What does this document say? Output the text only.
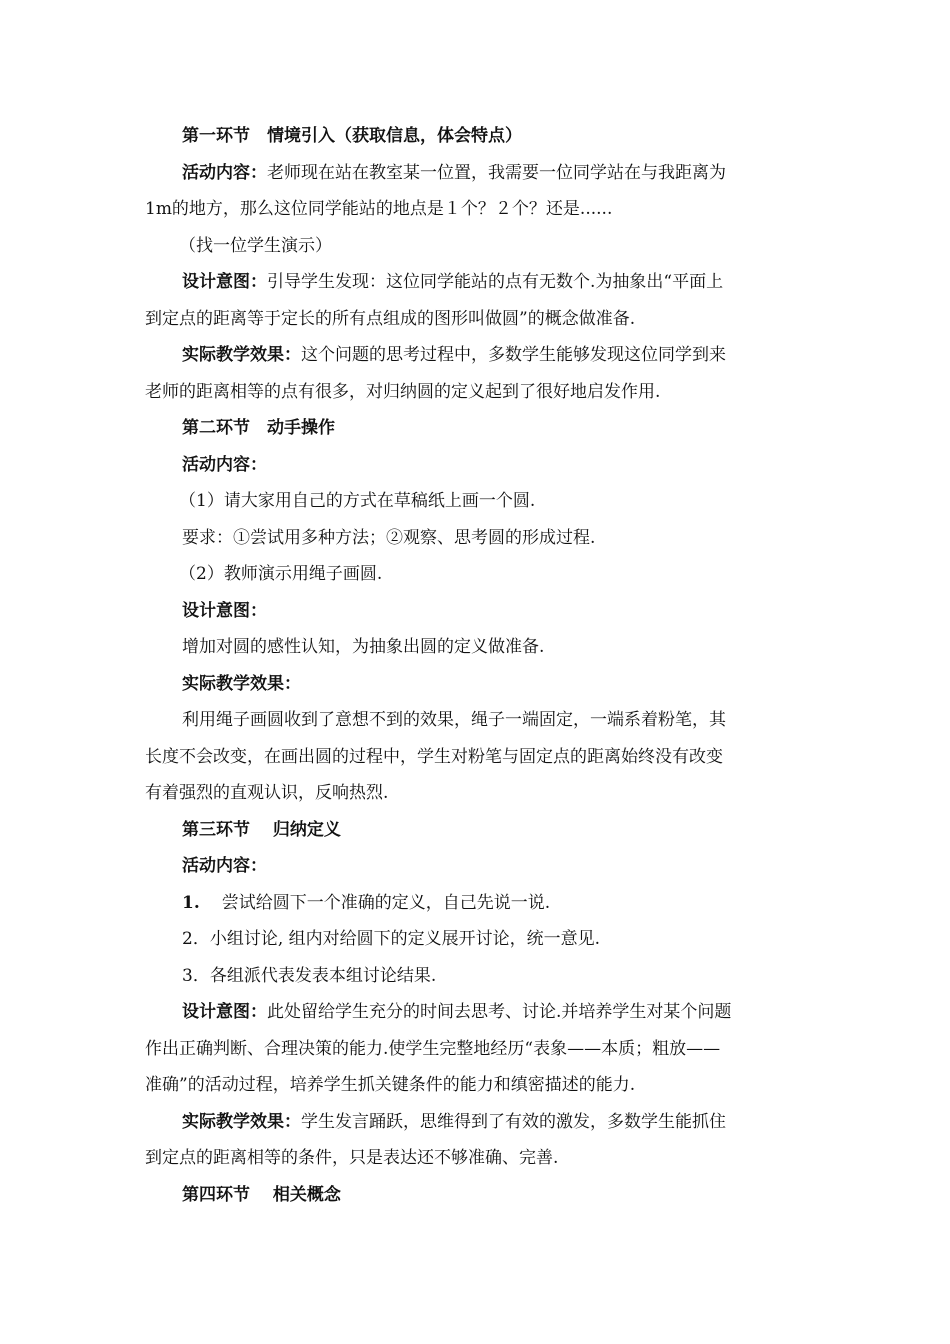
第一环节　情境引入（获取信息，体会特点）
活动内容：老师现在站在教室某一位置，我需要一位同学站在与我距离为
1m的地方，那么这位同学能站的地点是１个？２个？还是......
（找一位学生演示）
设计意图：引导学生发现：这位同学能站的点有无数个.为抽象出“平面上
到定点的距离等于定长的所有点组成的图形叫做圆”的概念做准备.
实际教学效果：这个问题的思考过程中，多数学生能够发现这位同学到来
老师的距离相等的点有很多，对归纳圆的定义起到了很好地启发作用.
第二环节　动手操作
活动内容：
（1）请大家用自己的方式在草稿纸上画一个圆.
要求：①尝试用多种方法；②观察、思考圆的形成过程.
（2）教师演示用绳子画圆.
设计意图：
增加对圆的感性认知，为抽象出圆的定义做准备.
实际教学效果：
利用绳子画圆收到了意想不到的效果，绳子一端固定，一端系着粉笔，其
长度不会改变，在画出圆的过程中，学生对粉笔与固定点的距离始终没有改变
有着强烈的直观认识，反响热烈.
第三环节　 归纳定义
活动内容：
1. 尝试给圆下一个准确的定义，自己先说一说.
2．小组讨论, 组内对给圆下的定义展开讨论，统一意见.
3．各组派代表发表本组讨论结果.
设计意图：此处留给学生充分的时间去思考、讨论.并培养学生对某个问题
作出正确判断、合理决策的能力.使学生完整地经历“表象——本质；粗放——
准确”的活动过程，培养学生抓关键条件的能力和缜密描述的能力.
实际教学效果：学生发言踊跃，思维得到了有效的激发，多数学生能抓住
到定点的距离相等的条件，只是表达还不够准确、完善.
第四环节　 相关概念
